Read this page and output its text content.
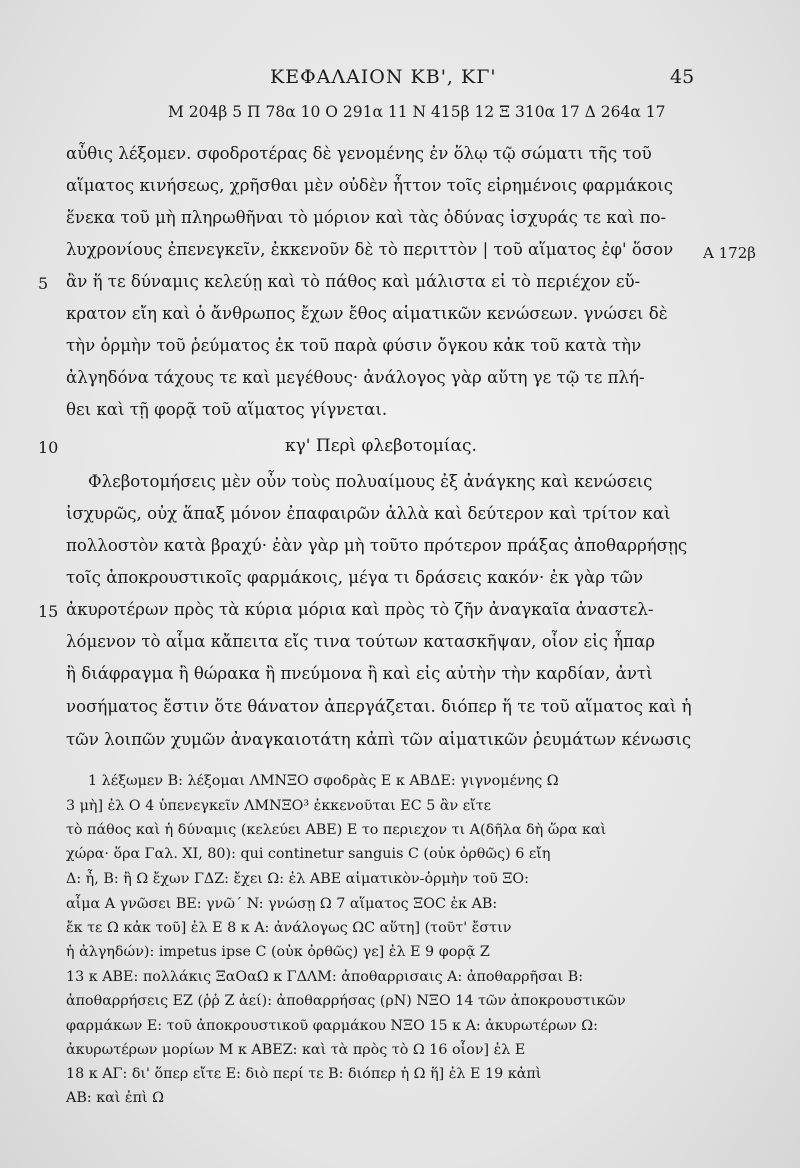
ΚΕΦΑΛΑΙΟΝ ΚΒ', ΚΓ'	45
M 204β 5 Π 78α 10 O 291α 11 N 415β 12 Ξ 310α 17 Δ 264α 17
αὖθις λέξομεν. σφοδροτέρας δὲ γενομένης ἐν ὅλῳ τῷ σώματι τῆς τοῦ
αἵματος κινήσεως, χρῆσθαι μὲν οὐδὲν ἧττον τοῖς εἰρημένοις φαρμάκοις
ἕνεκα τοῦ μὴ πληρωθῆναι τὸ μόριον καὶ τὰς ὀδύνας ἰσχυράς τε καὶ πο-
λυχρονίους ἐπενεγκεῖν, ἐκκενοῦν δὲ τὸ περιττὸν | τοῦ αἵματος ἐφ' ὅσον A 172β
5 ἂν ἥ τε δύναμις κελεύῃ καὶ τὸ πάθος καὶ μάλιστα εἰ τὸ περιέχον εὔ-
κρατον εἴη καὶ ὁ ἄνθρωπος ἔχων ἔθος αἱματικῶν κενώσεων. γνώσει δὲ
τὴν ὁρμὴν τοῦ ῥεύματος ἐκ τοῦ παρὰ φύσιν ὄγκου κἀκ τοῦ κατὰ τὴν
ἀλγηδόνα τάχους τε καὶ μεγέθους· ἀνάλογος γὰρ αὕτη γε τῷ τε πλή-
θει καὶ τῇ φορᾷ τοῦ αἵματος γίγνεται.
10	κγ' Περὶ φλεβοτομίας.
Φλεβοτομήσεις μὲν οὖν τοὺς πολυαίμους ἐξ ἀνάγκης καὶ κενώσεις
ἰσχυρῶς, οὐχ ἅπαξ μόνον ἐπαφαιρῶν ἀλλὰ καὶ δεύτερον καὶ τρίτον καὶ
πολλοστὸν κατὰ βραχύ· ἐὰν γὰρ μὴ τοῦτο πρότερον πράξας ἀποθαρρήσῃς
τοῖς ἀποκρουστικοῖς φαρμάκοις, μέγα τι δράσεις κακόν· ἐκ γὰρ τῶν
15 ἀκυροτέρων πρὸς τὰ κύρια μόρια καὶ πρὸς τὸ ζῆν ἀναγκαῖα ἀναστελ-
λόμενον τὸ αἷμα κἄπειτα εἴς τινα τούτων κατασκῆψαν, οἷον εἰς ἧπαρ
ἢ διάφραγμα ἢ θώρακα ἢ πνεύμονα ἢ καὶ εἰς αὐτὴν τὴν καρδίαν, ἀντὶ
νοσήματος ἔστιν ὅτε θάνατον ἀπεργάζεται. διόπερ ἥ τε τοῦ αἵματος καὶ ἡ
τῶν λοιπῶν χυμῶν ἀναγκαιοτάτη κἀπὶ τῶν αἱματικῶν ῥευμάτων κένωσις
1 λέξωμεν B: λέξομαι ΛΜΝΞΟ σφοδρὰς E κ ΑΒΔΕ: γιγνομένης Ω
3 μὴ] ἐλ O 4 ὑπενεγκεῖν ΛΜΝΞΟ³ ἐκκενοῦται EC 5 ἂν εἴτε
τὸ πάθος καὶ ἡ δύναμις (κελεύει ABE) E το περιεχον τι A(δῆλα δὴ ὥρα καὶ
χώρα· ὅρα Γαλ. XI, 80): qui continetur sanguis C (οὐκ ὀρθῶς) 6 εἴη
Δ: ἦ, B: ἢ Ω ἔχων ΓΔΖ: ἔχει Ω: ἐλ ΑΒΕ αἱματικὸν-ὁρμὴν τοῦ ΞΟ:
αἷμα Α γνῶσει BE: γνῶ´ N: γνώσῃ Ω 7 αἵματος ΞΟC ἐκ AB:
ἔκ τε Ω κἀκ τοῦ] ἐλ E 8 κ A: ἀνάλογως ΩC αὕτη] (τοῦτ' ἔστιν
ἡ ἀλγηδών): impetus ipse C (οὐκ ὀρθῶς) γε] ἐλ E 9 φορᾷ Z
13 κ ABE: πολλάκις ΞαOαΩ κ ΓΔΛΜ: ἀποθαρρισαις A: ἀποθαρρῆσαι B:
ἀποθαρρήσεις EZ (ῥῥ Z ἀεί): ἀποθαρρήσας (ρN) ΝΞΟ 14 τῶν ἀποκρουστικῶν
φαρμάκων E: τοῦ ἀποκρουστικοῦ φαρμάκου ΝΞΟ 15 κ Α: ἀκυρωτέρων Ω:
ἀκυρωτέρων μορίων M κ ΑΒΕΖ: καὶ τὰ πρὸς τὸ Ω 16 οἷον] ἐλ E
18 κ ΑΓ: δι' ὅπερ εἴτε E: διὸ περί τε B: διόπερ ἡ Ω ἥ] ἐλ E 19 κἀπὶ
AB: καὶ ἐπὶ Ω
